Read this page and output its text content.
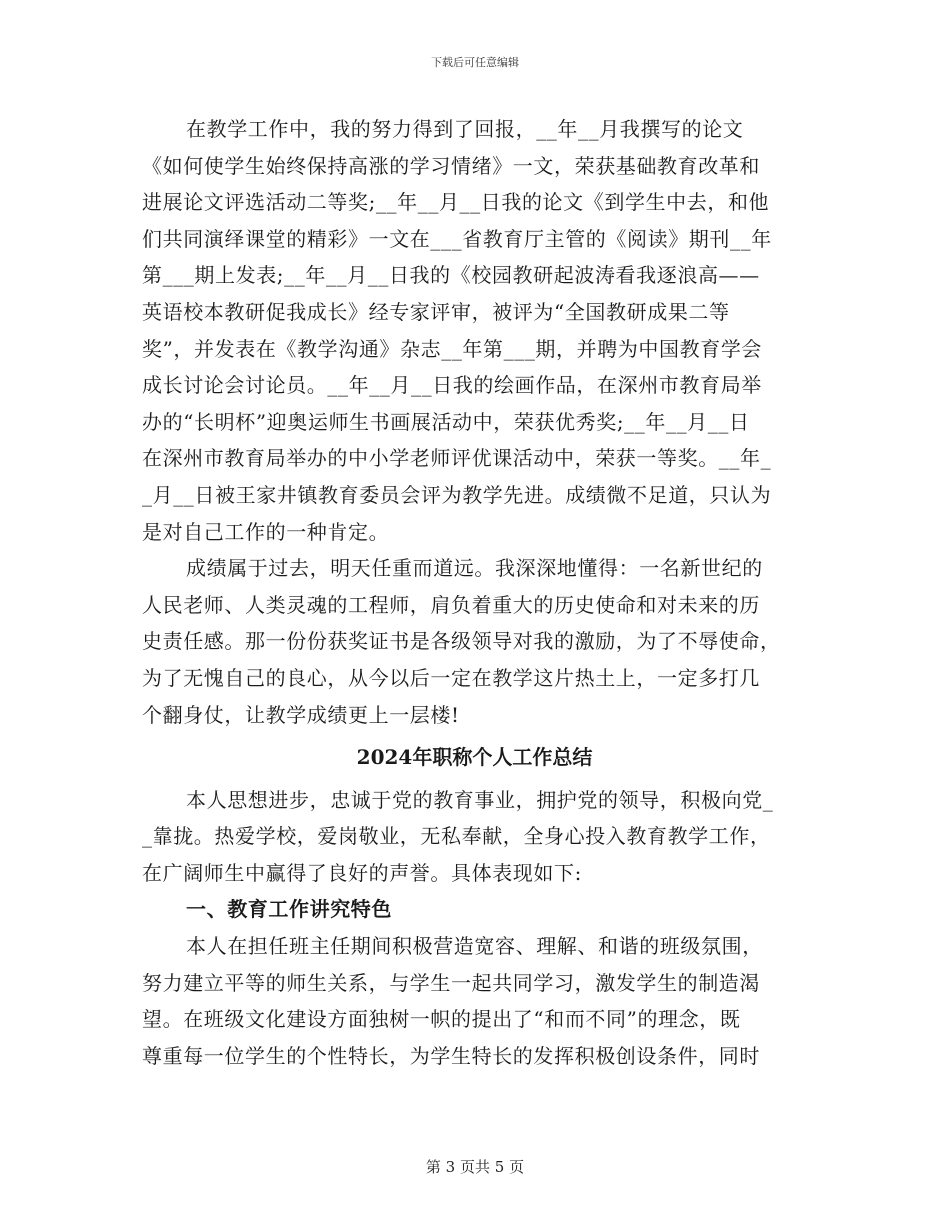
下载后可任意编辑
在教学工作中，我的努力得到了回报，__年__月我撰写的论文
《如何使学生始终保持高涨的学习情绪》一文，荣获基础教育改革和
进展论文评选活动二等奖;__年__月__日我的论文《到学生中去，和他
们共同演绎课堂的精彩》一文在___省教育厅主管的《阅读》期刊__年
第___期上发表;__年__月__日我的《校园教研起波涛看我逐浪高——
英语校本教研促我成长》经专家评审，被评为“全国教研成果二等
奖”，并发表在《教学沟通》杂志__年第___期，并聘为中国教育学会
成长讨论会讨论员。__年__月__日我的绘画作品，在深州市教育局举
办的“长明杯”迎奥运师生书画展活动中，荣获优秀奖;__年__月__日
在深州市教育局举办的中小学老师评优课活动中，荣获一等奖。__年_
_月__日被王家井镇教育委员会评为教学先进。成绩微不足道，只认为
是对自己工作的一种肯定。
成绩属于过去，明天任重而道远。我深深地懂得：一名新世纪的
人民老师、人类灵魂的工程师，肩负着重大的历史使命和对未来的历
史责任感。那一份份获奖证书是各级领导对我的激励，为了不辱使命，
为了无愧自己的良心，从今以后一定在教学这片热土上，一定多打几
个翻身仗，让教学成绩更上一层楼!
2024年职称个人工作总结
本人思想进步，忠诚于党的教育事业，拥护党的领导，积极向党_
_靠拢。热爱学校，爱岗敬业，无私奉献，全身心投入教育教学工作，
在广阔师生中赢得了良好的声誉。具体表现如下:
一、教育工作讲究特色
本人在担任班主任期间积极营造宽容、理解、和谐的班级氛围，
努力建立平等的师生关系，与学生一起共同学习，激发学生的制造渴
望。在班级文化建设方面独树一帜的提出了“和而不同”的理念，既
尊重每一位学生的个性特长，为学生特长的发挥积极创设条件，同时
第 3 页共 5 页
